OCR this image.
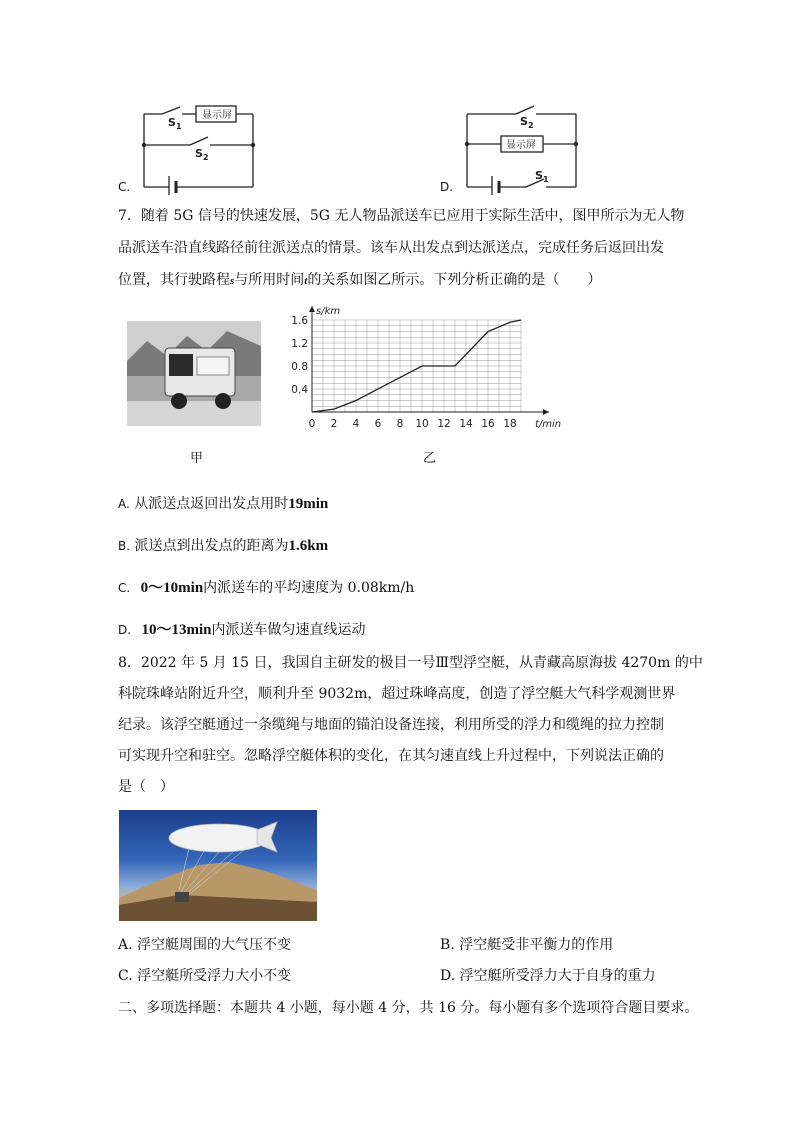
显示屏
$S_1$
$S_2$
C.
显示屏
$S_2$
$S_1$
D.
7．随着 5G 信号的快速发展，5G 无人物品派送车已应用于实际生活中，图甲所示为无人物
品派送车沿直线路径前往派送点的情景。该车从出发点到达派送点，完成任务后返回出发
位置，其行驶路程s与所用时间t的关系如图乙所示。下列分析正确的是（　　）
甲
0 2 4 6 8 10 12 14 16 18
0.4
0.8
1.2
1.6
s/km
t/min
乙
A. 从派送点返回出发点用时19min
B. 派送点到出发点的距离为1.6km
C. 0～10min内派送车的平均速度为 0.08km/h
D. 10～13min内派送车做匀速直线运动
8．2022 年 5 月 15 日，我国自主研发的极目一号Ⅲ型浮空艇，从青藏高原海拔 4270m 的中
科院珠峰站附近升空，顺利升至 9032m，超过珠峰高度，创造了浮空艇大气科学观测世界
纪录。该浮空艇通过一条缆绳与地面的锚泊设备连接，利用所受的浮力和缆绳的拉力控制
可实现升空和驻空。忽略浮空艇体积的变化，在其匀速直线上升过程中，下列说法正确的
是（　）
A. 浮空艇周围的大气压不变	B. 浮空艇受非平衡力的作用
C. 浮空艇所受浮力大小不变	D. 浮空艇所受浮力大于自身的重力
二、多项选择题：本题共 4 小题，每小题 4 分，共 16 分。每小题有多个选项符合题目要求。
